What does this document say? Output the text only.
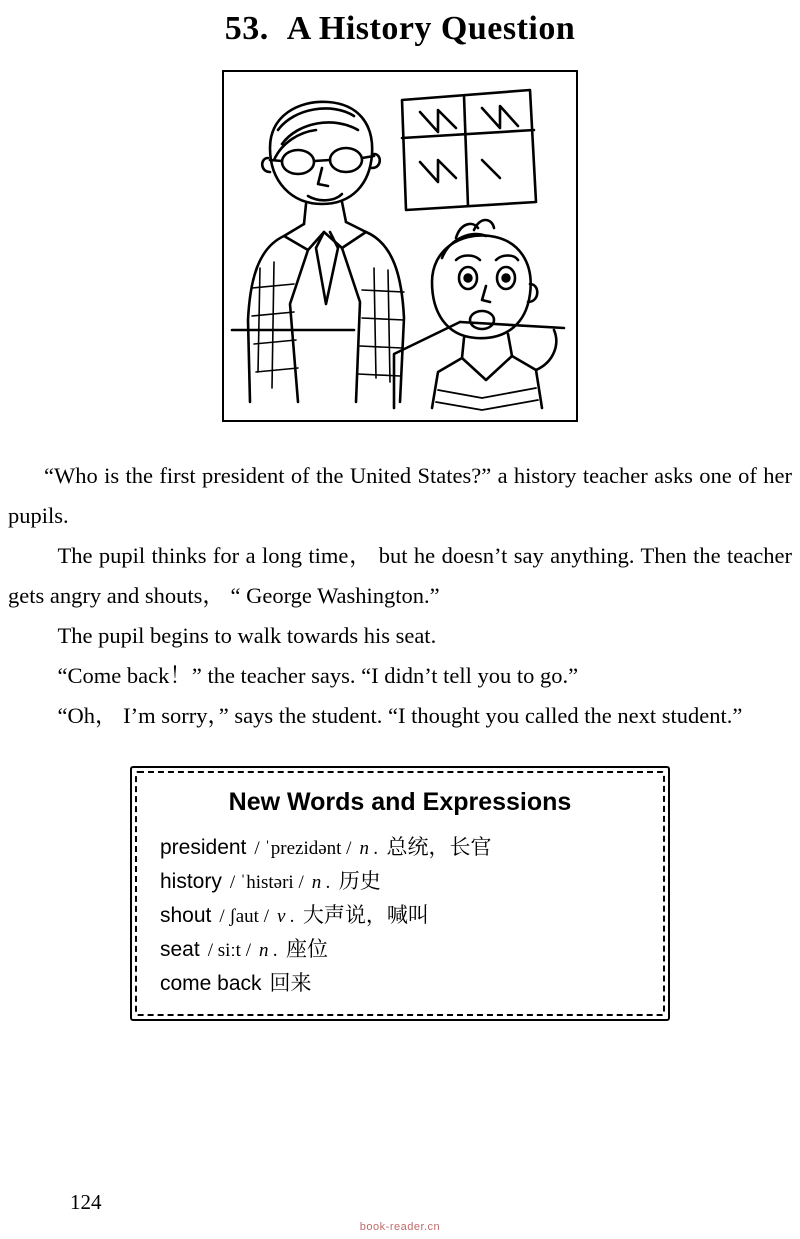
53. A History Question

“Who is the first president of the United States?” a history teacher asks one of her pupils.

The pupil thinks for a long time， but he doesn’t say anything. Then the teacher gets angry and shouts， “ George Washington.”

The pupil begins to walk towards his seat.

“Come back！” the teacher says. “I didn’t tell you to go.”

“Oh， I’m sorry，” says the student. “I thought you called the next student.”

New Words and Expressions
president / ˈprezidənt / n . 总统，长官
history / ˈhistəri / n . 历史
shout / ʃaut / v . 大声说，喊叫
seat / siːt / n . 座位
come back 回来
124
book-reader.cn
